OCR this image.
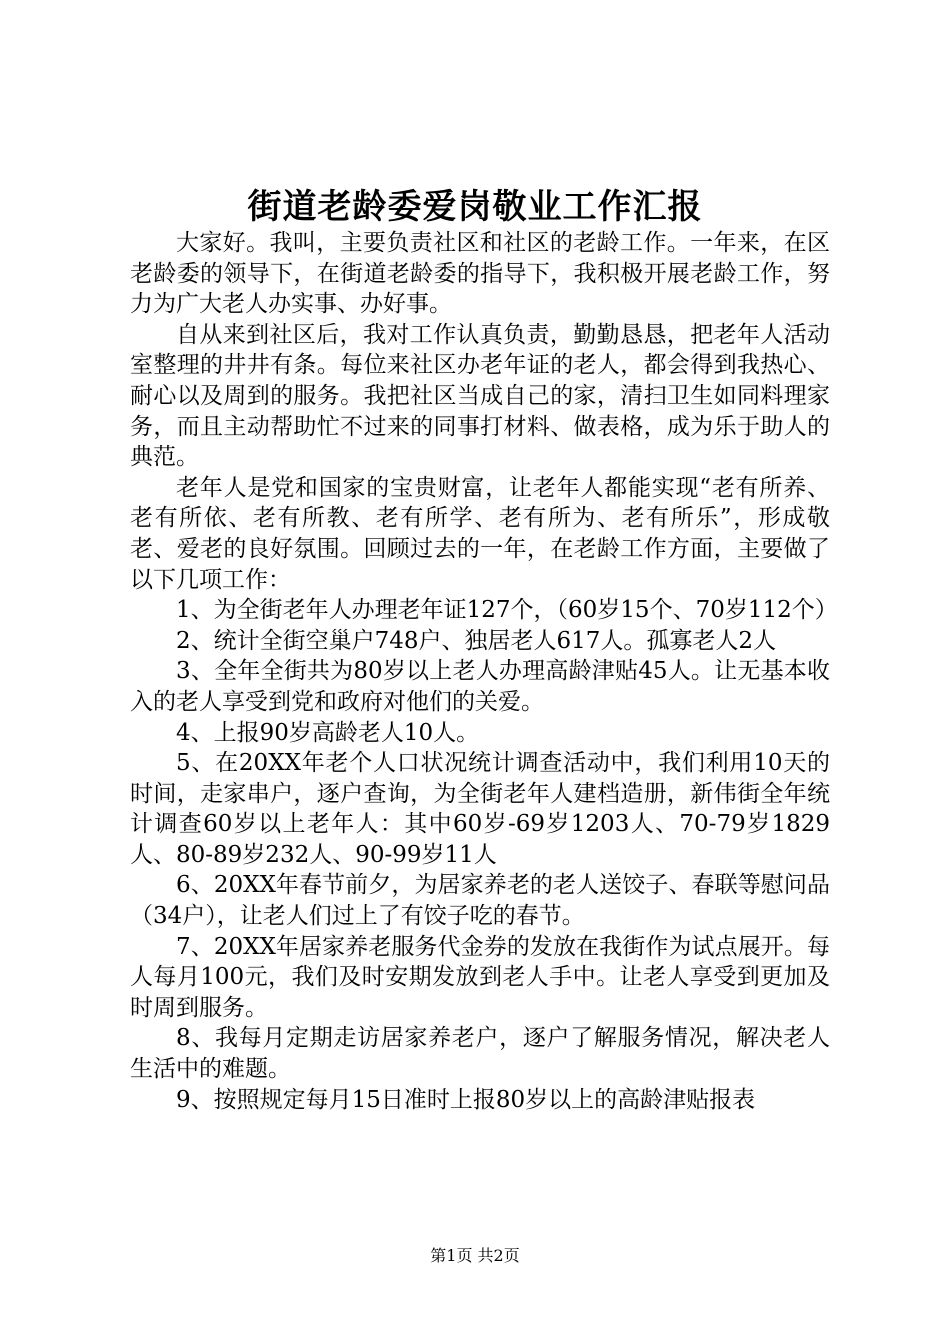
街道老龄委爱岗敬业工作汇报

大家好。我叫，主要负责社区和社区的老龄工作。一年来，在区老龄委的领导下，在街道老龄委的指导下，我积极开展老龄工作，努力为广大老人办实事、办好事。

自从来到社区后，我对工作认真负责，勤勤恳恳，把老年人活动室整理的井井有条。每位来社区办老年证的老人，都会得到我热心、耐心以及周到的服务。我把社区当成自己的家，清扫卫生如同料理家务，而且主动帮助忙不过来的同事打材料、做表格，成为乐于助人的典范。

老年人是党和国家的宝贵财富，让老年人都能实现“老有所养、老有所依、老有所教、老有所学、老有所为、老有所乐”，形成敬老、爱老的良好氛围。回顾过去的一年，在老龄工作方面，主要做了以下几项工作：

1、为全街老年人办理老年证127个，（60岁15个、70岁112个）

2、统计全街空巢户748户、独居老人617人。孤寡老人2人

3、全年全街共为80岁以上老人办理高龄津贴45人。让无基本收入的老人享受到党和政府对他们的关爱。

4、上报90岁高龄老人10人。

5、在20XX年老个人口状况统计调查活动中，我们利用10天的时间，走家串户，逐户查询，为全街老年人建档造册，新伟街全年统计调查60岁以上老年人：其中60岁-69岁1203人、70-79岁1829人、80-89岁232人、90-99岁11人

6、20XX年春节前夕，为居家养老的老人送饺子、春联等慰问品（34户），让老人们过上了有饺子吃的春节。

7、20XX年居家养老服务代金券的发放在我街作为试点展开。每人每月100元，我们及时安期发放到老人手中。让老人享受到更加及时周到服务。

8、我每月定期走访居家养老户，逐户了解服务情况，解决老人生活中的难题。

9、按照规定每月15日准时上报80岁以上的高龄津贴报表

第1页 共2页
